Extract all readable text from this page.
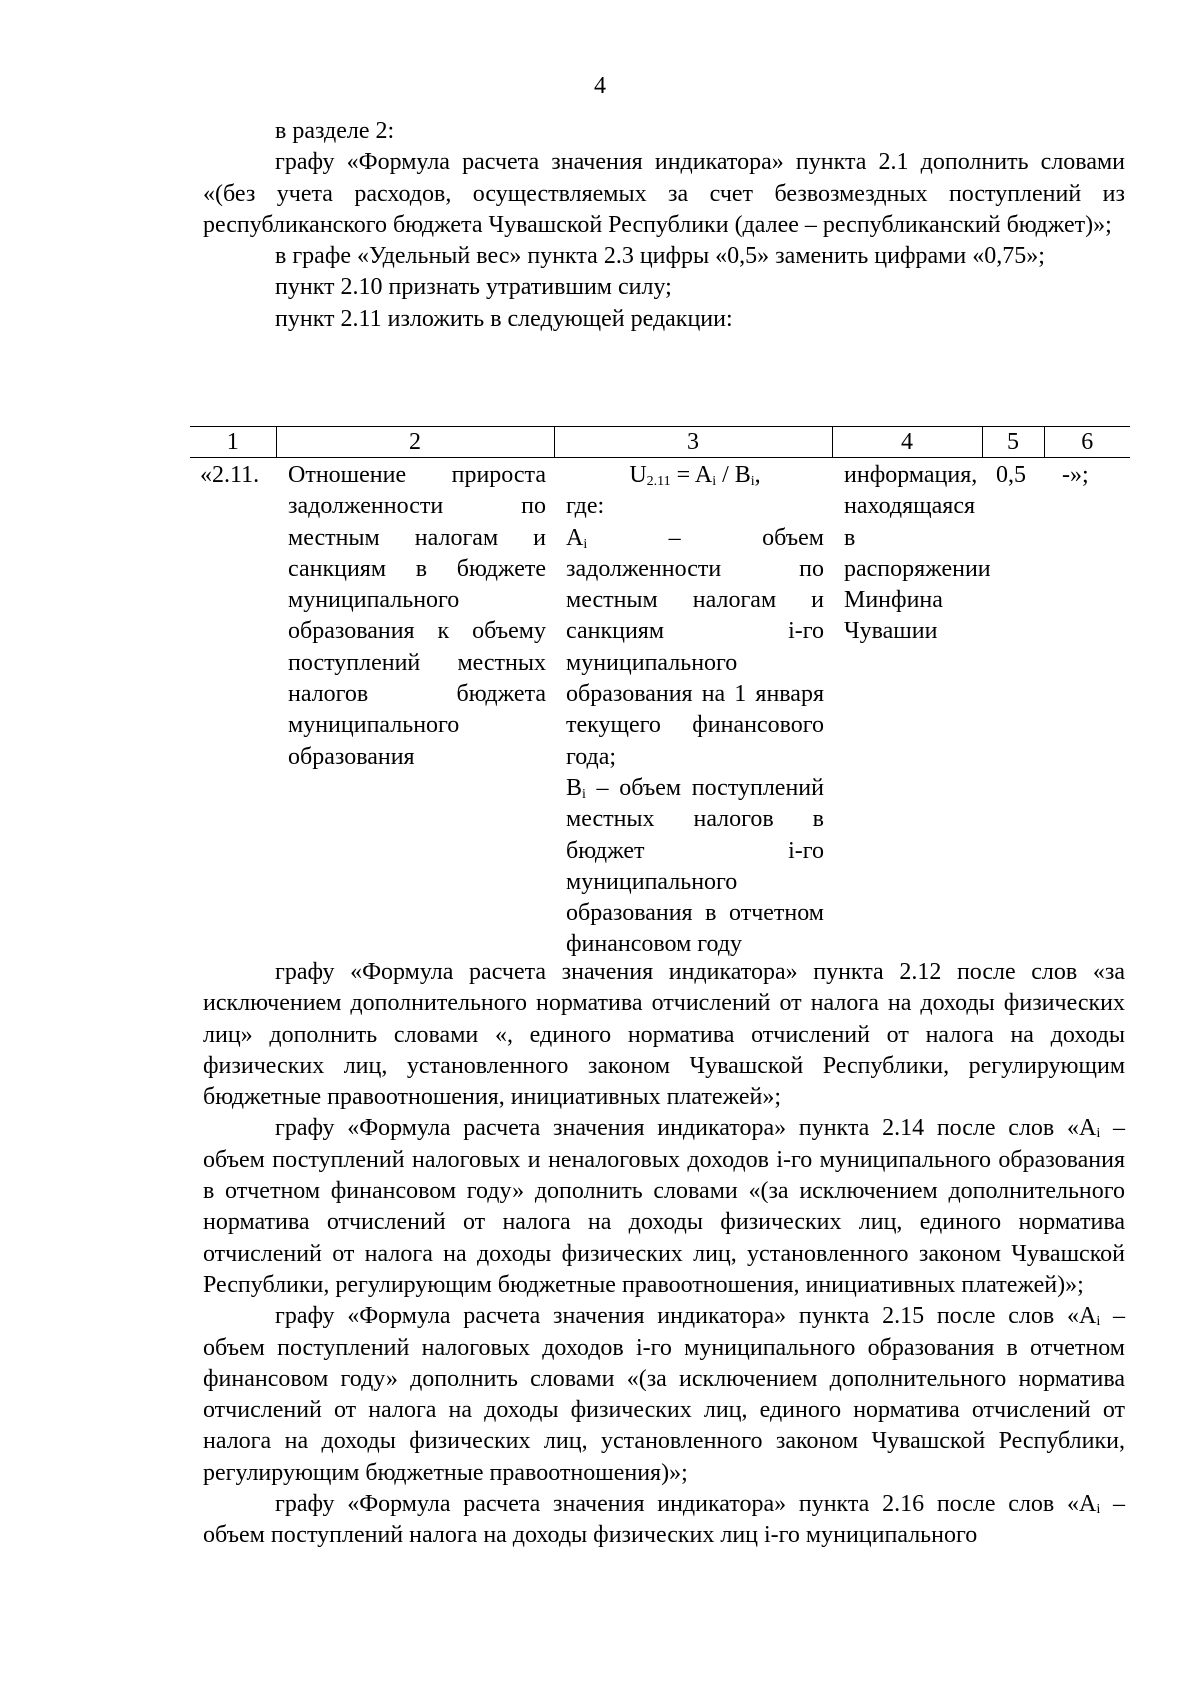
4

в разделе 2:

графу «Формула расчета значения индикатора» пункта 2.1 дополнить словами «(без учета расходов, осуществляемых за счет безвозмездных поступлений из республиканского бюджета Чувашской Республики (далее – республиканский бюджет)»;

в графе «Удельный вес» пункта 2.3 цифры «0,5» заменить цифрами «0,75»;

пункт 2.10 признать утратившим силу;

пункт 2.11 изложить в следующей редакции:

1	2	3	4	5	6
«2.11.	Отношение прироста задолженности по местным налогам и санкциям в бюджете муниципального образования к объему поступлений местных налогов бюджета муниципального образования	$U_{2.11} = A_i / B_i$,
где:
$A_i$ – объем задолженности по местным налогам и санкциям i-го муниципального образования на 1 января текущего финансового года;
$B_i$ – объем поступлений местных налогов в бюджет i-го муниципального образования в отчетном финансовом году	информация, находящаяся в распоряжении Минфина Чувашии	0,5	-»;

графу «Формула расчета значения индикатора» пункта 2.12 после слов «за исключением дополнительного норматива отчислений от налога на доходы физических лиц» дополнить словами «, единого норматива отчислений от налога на доходы физических лиц, установленного законом Чувашской Республики, регулирующим бюджетные правоотношения, инициативных платежей»;

графу «Формула расчета значения индикатора» пункта 2.14 после слов «Aᵢ – объем поступлений налоговых и неналоговых доходов i-го муниципального образования в отчетном финансовом году» дополнить словами «(за исключением дополнительного норматива отчислений от налога на доходы физических лиц, единого норматива отчислений от налога на доходы физических лиц, установленного законом Чувашской Республики, регулирующим бюджетные правоотношения, инициативных платежей)»;

графу «Формула расчета значения индикатора» пункта 2.15 после слов «Aᵢ – объем поступлений налоговых доходов i-го муниципального образования в отчетном финансовом году» дополнить словами «(за исключением дополнительного норматива отчислений от налога на доходы физических лиц, единого норматива отчислений от налога на доходы физических лиц, установленного законом Чувашской Республики, регулирующим бюджетные правоотношения)»;

графу «Формула расчета значения индикатора» пункта 2.16 после слов «Aᵢ – объем поступлений налога на доходы физических лиц i-го муниципального
